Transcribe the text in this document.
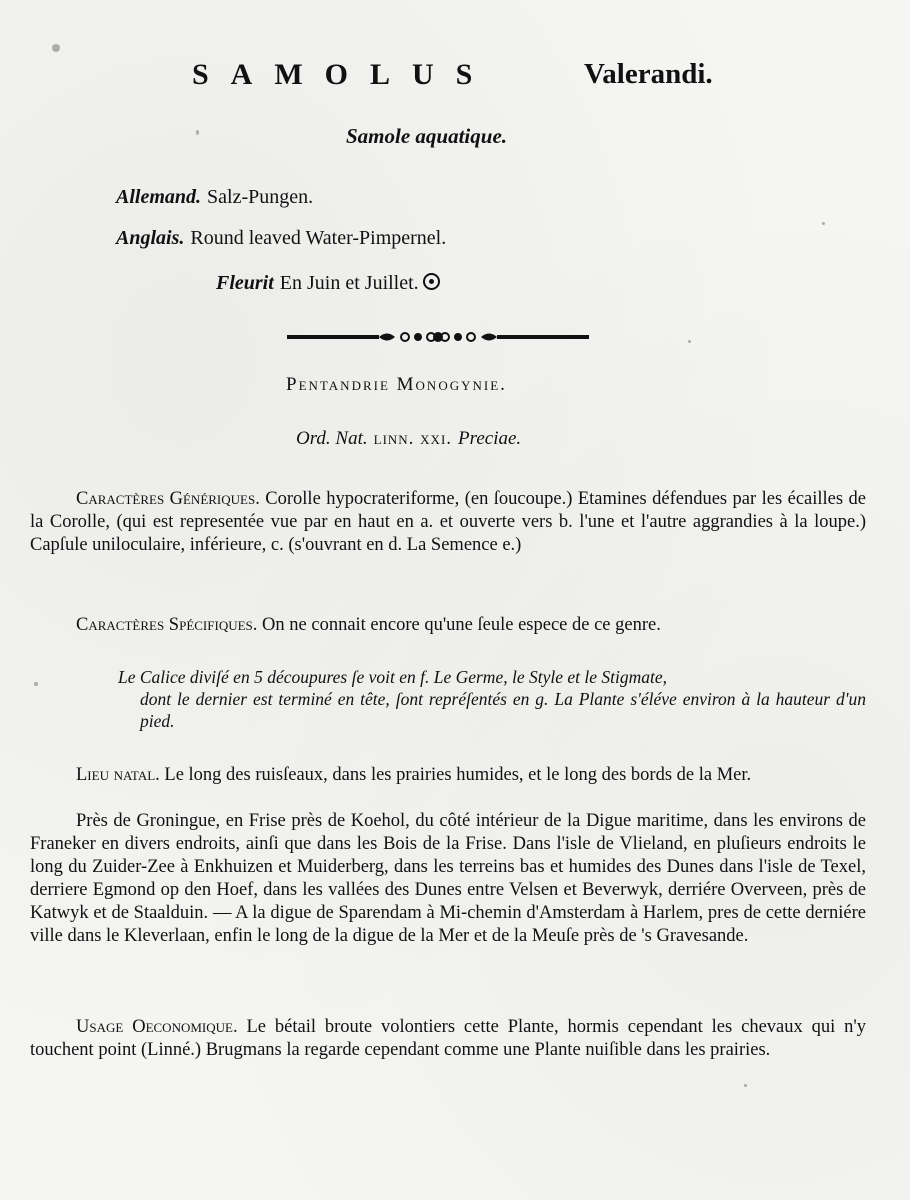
SAMOLUS	Valerandi.
Samole aquatique.
Allemand. Salz-Pungen.
Anglais. Round leaved Water-Pimpernel.
Fleurit En Juin et Juillet.
Pentandrie Monogynie.
Ord. Nat. linn. xxi. Preciae.
Caractères Génériques. Corolle hypocrateriforme, (en ſoucoupe.) Etamines défendues par les écailles de la Corolle, (qui est representée vue par en haut en a. et ouverte vers b. l'une et l'autre aggrandies à la loupe.) Capſule uniloculaire, inférieure, c. (s'ouvrant en d. La Semence e.)
Caractères Spécifiques. On ne connait encore qu'une ſeule espece de ce genre.
Le Calice diviſé en 5 découpures ſe voit en f. Le Germe, le Style et le Stigmate,
dont le dernier est terminé en tête, ſont repréſentés en g. La Plante s'éléve environ à la hauteur d'un pied.
Lieu natal. Le long des ruisſeaux, dans les prairies humides, et le long des bords de la Mer.
Près de Groningue, en Frise près de Koehol, du côté intérieur de la Digue maritime, dans les environs de Franeker en divers endroits, ainſi que dans les Bois de la Frise. Dans l'isle de Vlieland, en pluſieurs endroits le long du Zuider-Zee à Enkhuizen et Muiderberg, dans les terreins bas et humides des Dunes dans l'isle de Texel, derriere Egmond op den Hoef, dans les vallées des Dunes entre Velsen et Beverwyk, derriére Overveen, près de Katwyk et de Staalduin. — A la digue de Sparendam à Mi-chemin d'Amsterdam à Harlem, pres de cette derniére ville dans le Kleverlaan, enfin le long de la digue de la Mer et de la Meuſe près de 's Gravesande.
Usage Oeconomique. Le bétail broute volontiers cette Plante, hormis cependant les chevaux qui n'y touchent point (Linné.) Brugmans la regarde cependant comme une Plante nuiſible dans les prairies.
